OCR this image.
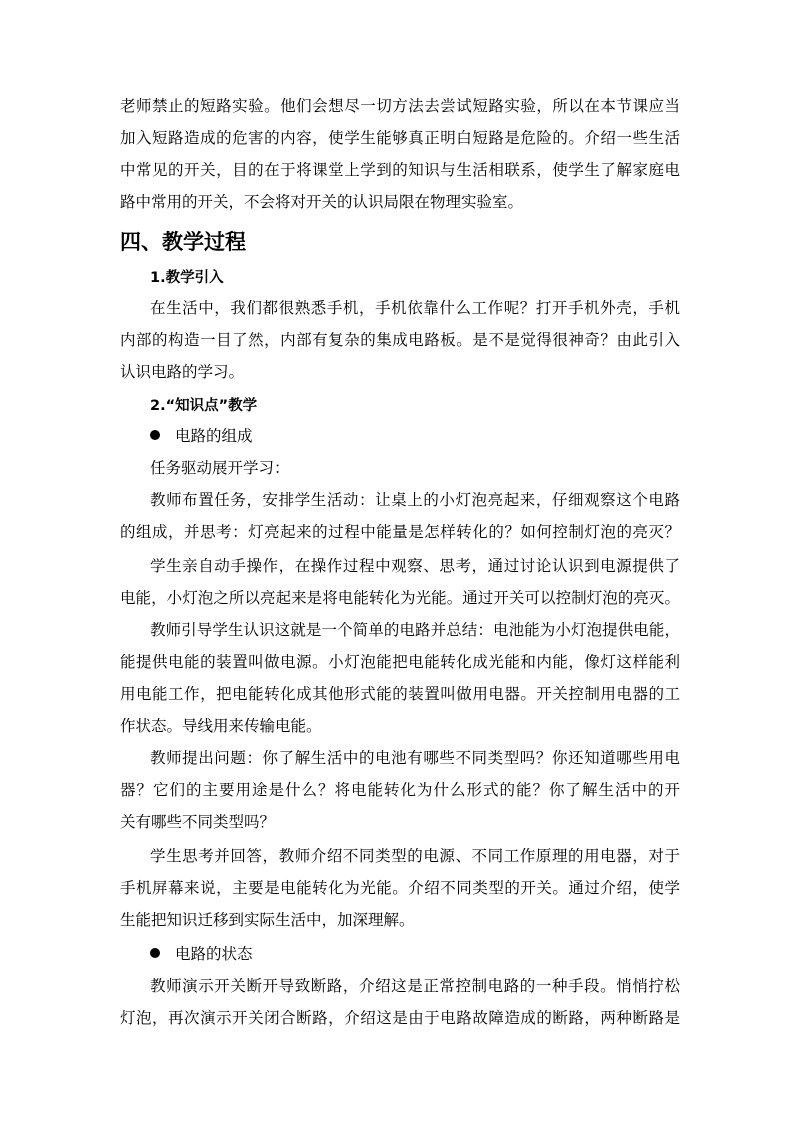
老师禁止的短路实验。他们会想尽一切方法去尝试短路实验，所以在本节课应当
加入短路造成的危害的内容，使学生能够真正明白短路是危险的。介绍一些生活
中常见的开关，目的在于将课堂上学到的知识与生活相联系，使学生了解家庭电
路中常用的开关，不会将对开关的认识局限在物理实验室。
四、教学过程
1.教学引入
在生活中，我们都很熟悉手机，手机依靠什么工作呢？打开手机外壳，手机
内部的构造一目了然，内部有复杂的集成电路板。是不是觉得很神奇？由此引入
认识电路的学习。
2.“知识点”教学
电路的组成
任务驱动展开学习：
教师布置任务，安排学生活动：让桌上的小灯泡亮起来，仔细观察这个电路
的组成，并思考：灯亮起来的过程中能量是怎样转化的？如何控制灯泡的亮灭？
学生亲自动手操作，在操作过程中观察、思考，通过讨论认识到电源提供了
电能，小灯泡之所以亮起来是将电能转化为光能。通过开关可以控制灯泡的亮灭。
教师引导学生认识这就是一个简单的电路并总结：电池能为小灯泡提供电能，
能提供电能的装置叫做电源。小灯泡能把电能转化成光能和内能，像灯这样能利
用电能工作，把电能转化成其他形式能的装置叫做用电器。开关控制用电器的工
作状态。导线用来传输电能。
教师提出问题：你了解生活中的电池有哪些不同类型吗？你还知道哪些用电
器？它们的主要用途是什么？将电能转化为什么形式的能？你了解生活中的开
关有哪些不同类型吗？
学生思考并回答，教师介绍不同类型的电源、不同工作原理的用电器，对于
手机屏幕来说，主要是电能转化为光能。介绍不同类型的开关。通过介绍，使学
生能把知识迁移到实际生活中，加深理解。
电路的状态
教师演示开关断开导致断路，介绍这是正常控制电路的一种手段。悄悄拧松
灯泡，再次演示开关闭合断路，介绍这是由于电路故障造成的断路，两种断路是
